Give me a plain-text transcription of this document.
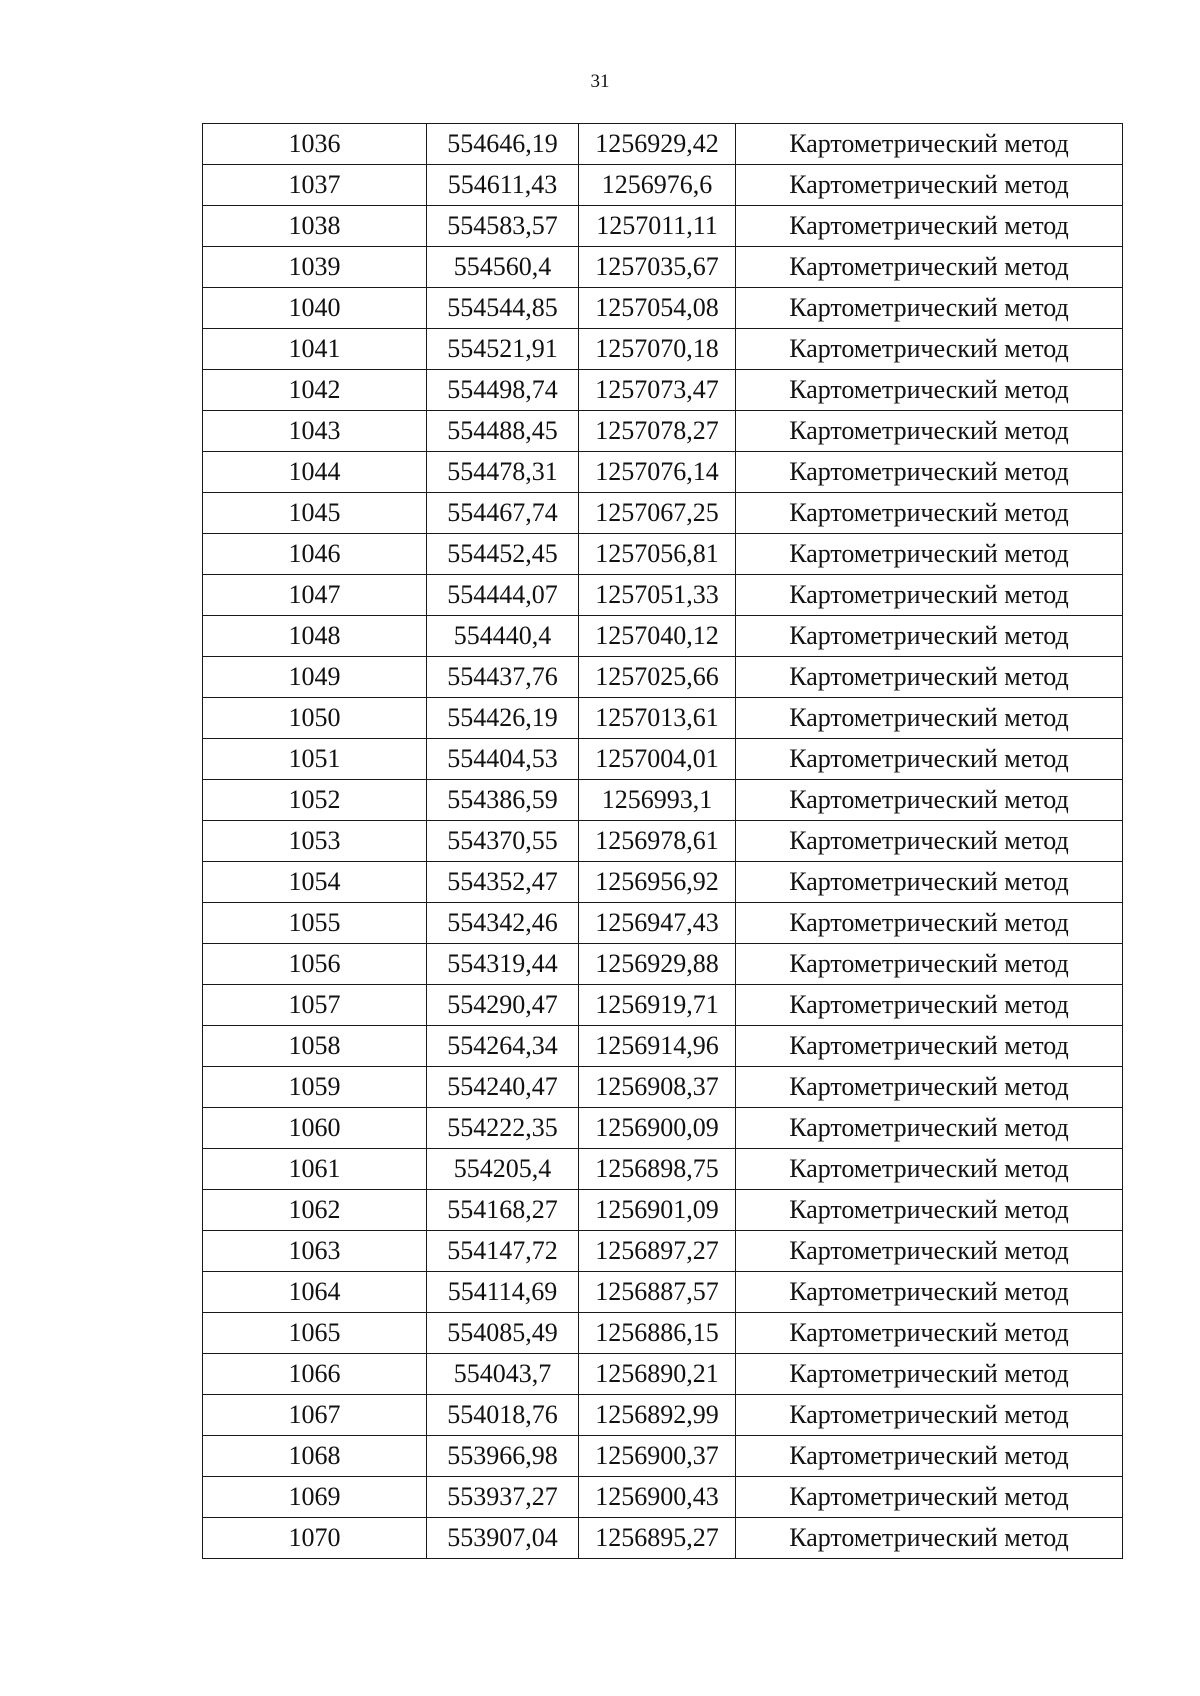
31
1036	554646,19	1256929,42	Картометрический метод
1037	554611,43	1256976,6	Картометрический метод
1038	554583,57	1257011,11	Картометрический метод
1039	554560,4	1257035,67	Картометрический метод
1040	554544,85	1257054,08	Картометрический метод
1041	554521,91	1257070,18	Картометрический метод
1042	554498,74	1257073,47	Картометрический метод
1043	554488,45	1257078,27	Картометрический метод
1044	554478,31	1257076,14	Картометрический метод
1045	554467,74	1257067,25	Картометрический метод
1046	554452,45	1257056,81	Картометрический метод
1047	554444,07	1257051,33	Картометрический метод
1048	554440,4	1257040,12	Картометрический метод
1049	554437,76	1257025,66	Картометрический метод
1050	554426,19	1257013,61	Картометрический метод
1051	554404,53	1257004,01	Картометрический метод
1052	554386,59	1256993,1	Картометрический метод
1053	554370,55	1256978,61	Картометрический метод
1054	554352,47	1256956,92	Картометрический метод
1055	554342,46	1256947,43	Картометрический метод
1056	554319,44	1256929,88	Картометрический метод
1057	554290,47	1256919,71	Картометрический метод
1058	554264,34	1256914,96	Картометрический метод
1059	554240,47	1256908,37	Картометрический метод
1060	554222,35	1256900,09	Картометрический метод
1061	554205,4	1256898,75	Картометрический метод
1062	554168,27	1256901,09	Картометрический метод
1063	554147,72	1256897,27	Картометрический метод
1064	554114,69	1256887,57	Картометрический метод
1065	554085,49	1256886,15	Картометрический метод
1066	554043,7	1256890,21	Картометрический метод
1067	554018,76	1256892,99	Картометрический метод
1068	553966,98	1256900,37	Картометрический метод
1069	553937,27	1256900,43	Картометрический метод
1070	553907,04	1256895,27	Картометрический метод
